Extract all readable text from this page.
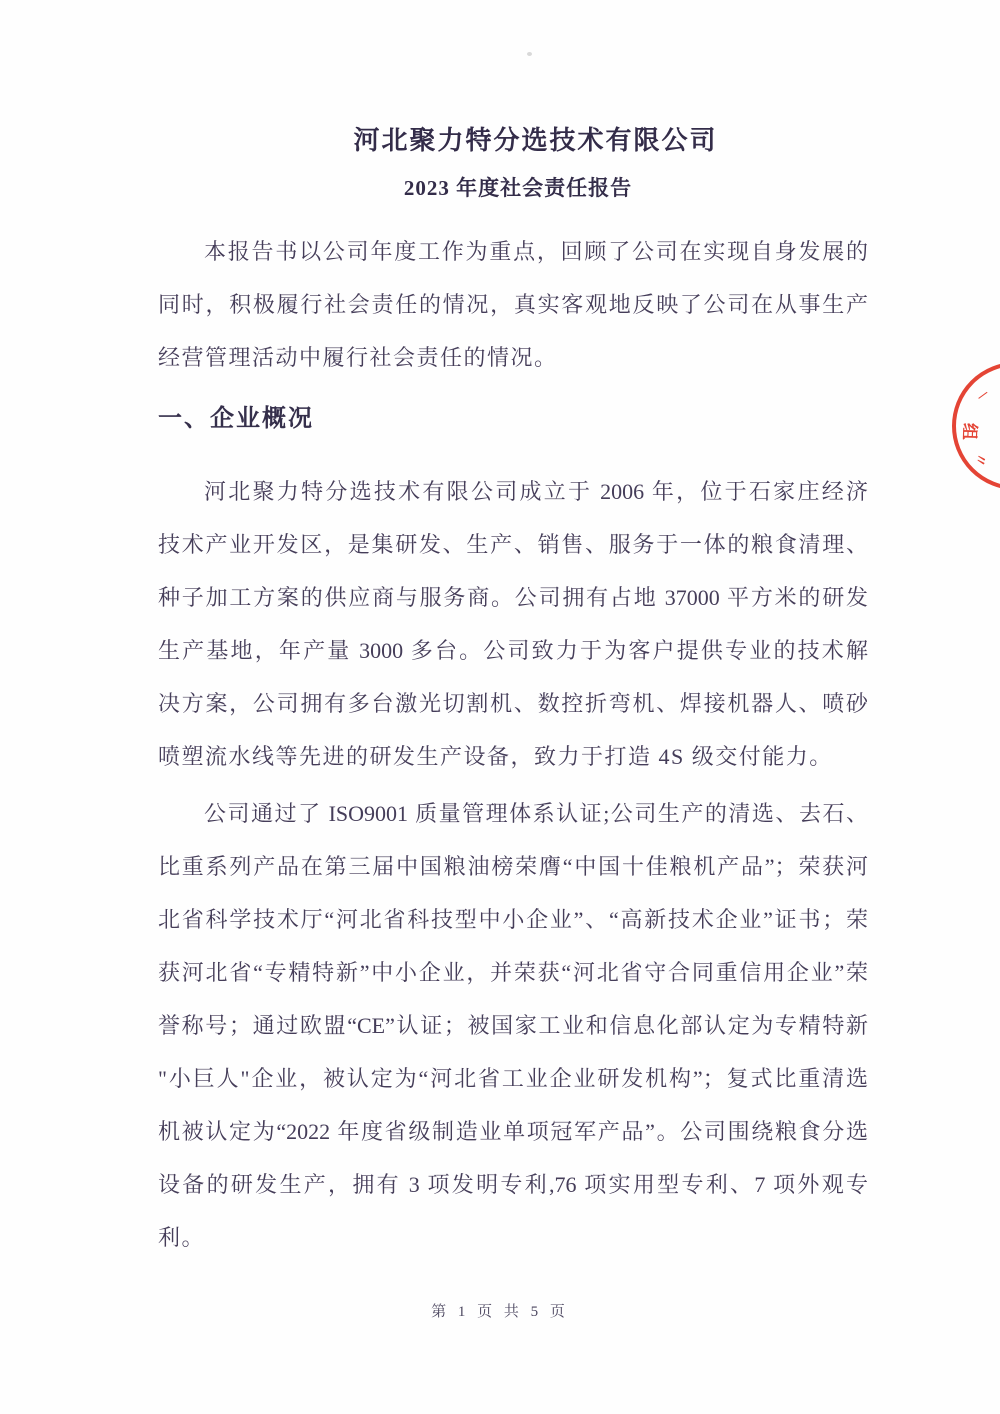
河北聚力特分选技术有限公司
2023 年度社会责任报告
本报告书以公司年度工作为重点，回顾了公司在实现自身发展的
同时，积极履行社会责任的情况，真实客观地反映了公司在从事生产
经营管理活动中履行社会责任的情况。
一、企业概况
河北聚力特分选技术有限公司成立于 2006 年，位于石家庄经济
技术产业开发区，是集研发、生产、销售、服务于一体的粮食清理、
种子加工方案的供应商与服务商。公司拥有占地 37000 平方米的研发
生产基地，年产量 3000 多台。公司致力于为客户提供专业的技术解
决方案，公司拥有多台激光切割机、数控折弯机、焊接机器人、喷砂
喷塑流水线等先进的研发生产设备，致力于打造 4S 级交付能力。
公司通过了 ISO9001 质量管理体系认证;公司生产的清选、去石、
比重系列产品在第三届中国粮油榜荣膺“中国十佳粮机产品”；荣获河
北省科学技术厅“河北省科技型中小企业”、“高新技术企业”证书；荣
获河北省“专精特新”中小企业，并荣获“河北省守合同重信用企业”荣
誉称号；通过欧盟“CE”认证；被国家工业和信息化部认定为专精特新
"小巨人"企业，被认定为“河北省工业企业研发机构”；复式比重清选
机被认定为“2022 年度省级制造业单项冠军产品”。公司围绕粮食分选
设备的研发生产，拥有 3 项发明专利,76 项实用型专利、7 项外观专
利。
第 1 页 共 5 页
组
/
〃
